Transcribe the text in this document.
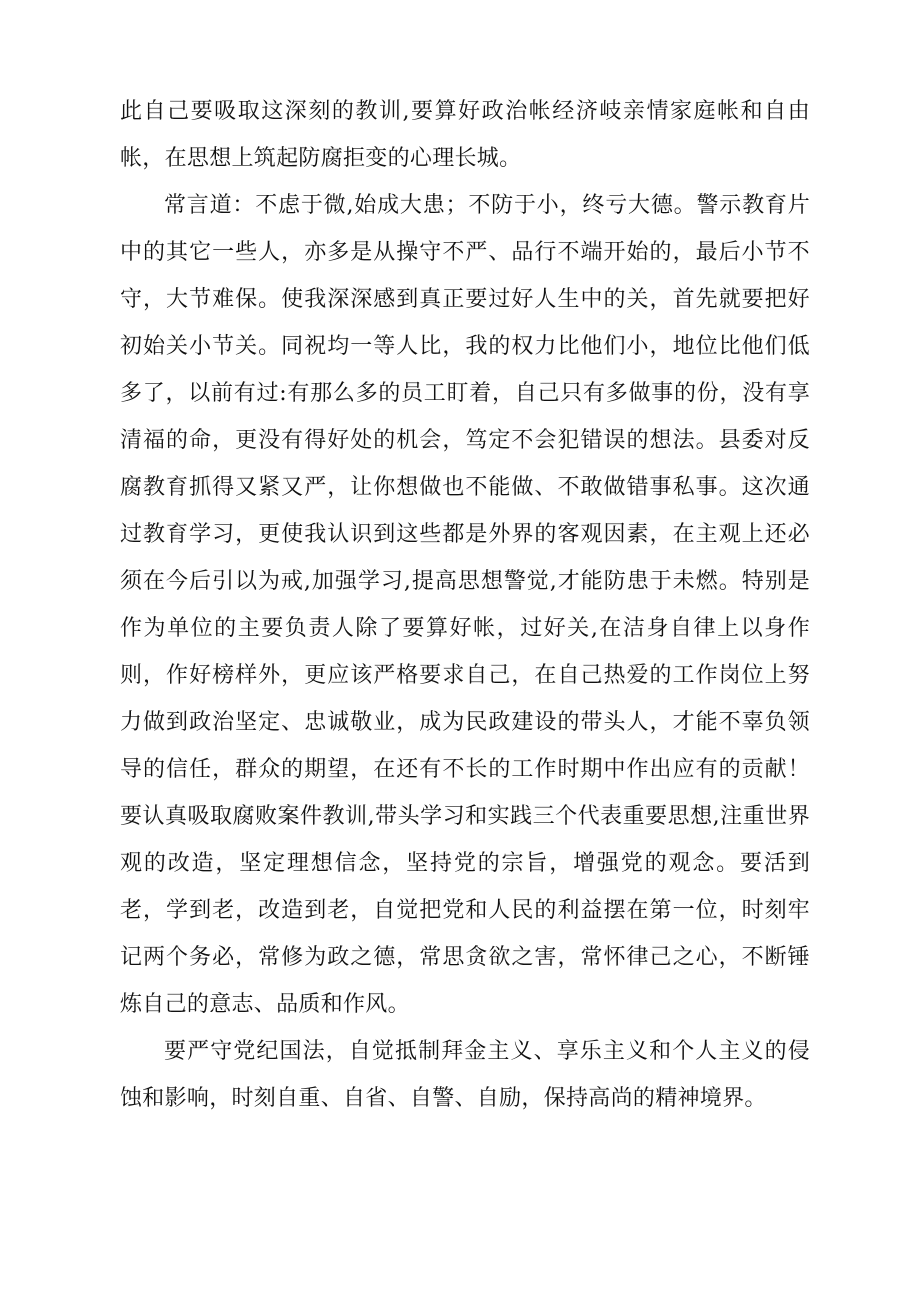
此自己要吸取这深刻的教训,要算好政治帐经济岐亲情家庭帐和自由帐，在思想上筑起防腐拒变的心理长城。

常言道：不虑于微,始成大患；不防于小，终亏大德。警示教育片中的其它一些人，亦多是从操守不严、品行不端开始的，最后小节不守，大节难保。使我深深感到真正要过好人生中的关，首先就要把好初始关小节关。同祝均一等人比，我的权力比他们小，地位比他们低多了，以前有过:有那么多的员工盯着，自己只有多做事的份，没有享清福的命，更没有得好处的机会，笃定不会犯错误的想法。县委对反腐教育抓得又紧又严，让你想做也不能做、不敢做错事私事。这次通过教育学习，更使我认识到这些都是外界的客观因素，在主观上还必须在今后引以为戒,加强学习,提高思想警觉,才能防患于未燃。特别是作为单位的主要负责人除了要算好帐，过好关,在洁身自律上以身作则，作好榜样外，更应该严格要求自己，在自己热爱的工作岗位上努力做到政治坚定、忠诚敬业，成为民政建设的带头人，才能不辜负领导的信任，群众的期望，在还有不长的工作时期中作出应有的贡献！要认真吸取腐败案件教训,带头学习和实践三个代表重要思想,注重世界观的改造，坚定理想信念，坚持党的宗旨，增强党的观念。要活到老，学到老，改造到老，自觉把党和人民的利益摆在第一位，时刻牢记两个务必，常修为政之德，常思贪欲之害，常怀律己之心，不断锤炼自己的意志、品质和作风。

要严守党纪国法，自觉抵制拜金主义、享乐主义和个人主义的侵蚀和影响，时刻自重、自省、自警、自励，保持高尚的精神境界。
